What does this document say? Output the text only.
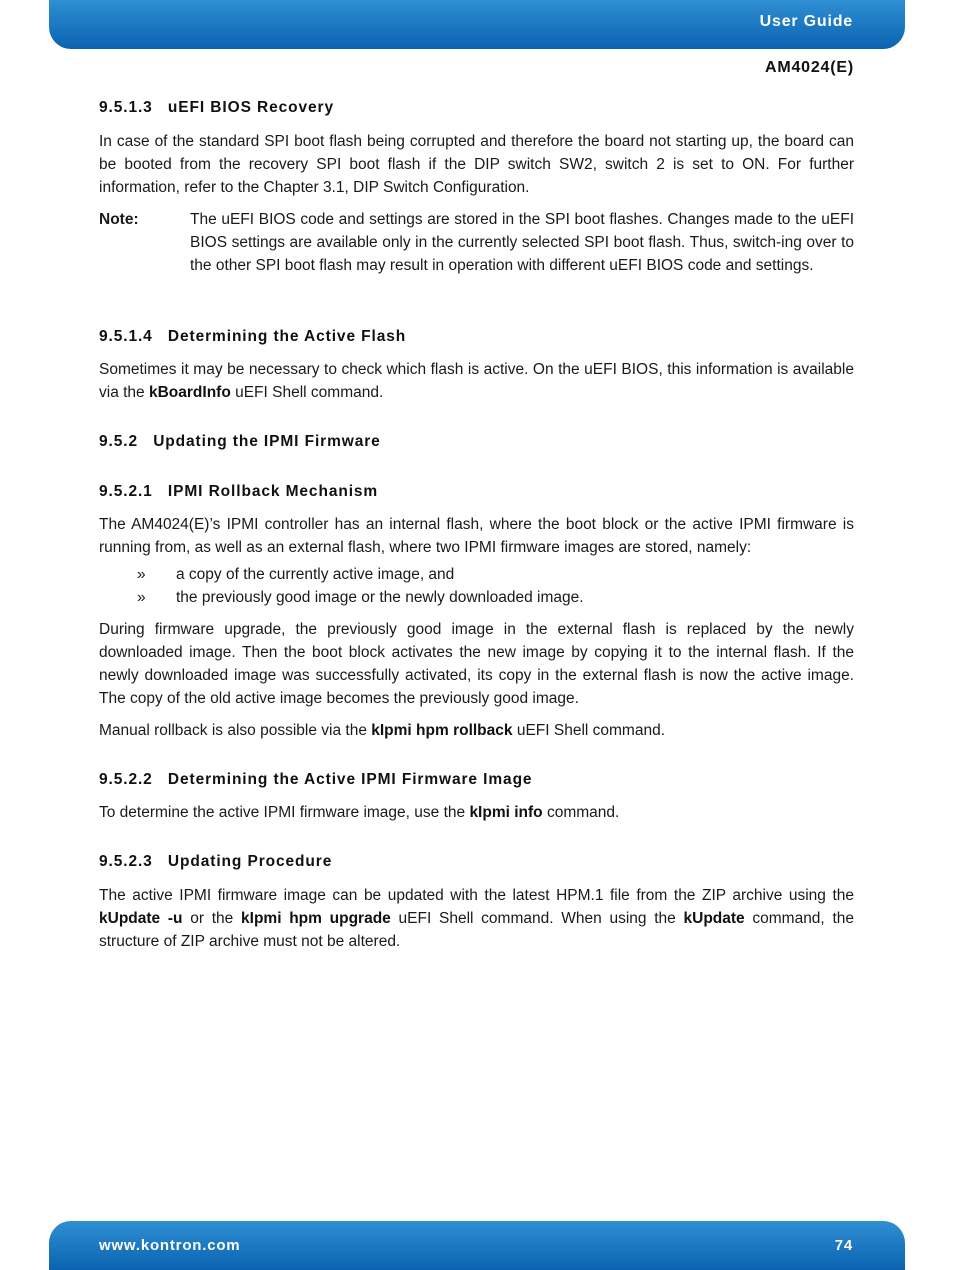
User Guide
AM4024(E)
9.5.1.3 uEFI BIOS Recovery
In case of the standard SPI boot flash being corrupted and therefore the board not starting up, the board can be booted from the recovery SPI boot flash if the DIP switch SW2, switch 2 is set to ON. For further information, refer to the Chapter 3.1, DIP Switch Configuration.
Note:	The uEFI BIOS code and settings are stored in the SPI boot flashes. Changes made to the uEFI BIOS settings are available only in the currently selected SPI boot flash. Thus, switch-ing over to the other SPI boot flash may result in operation with different uEFI BIOS code and settings.
9.5.1.4 Determining the Active Flash
Sometimes it may be necessary to check which flash is active. On the uEFI BIOS, this information is available via the kBoardInfo uEFI Shell command.
9.5.2 Updating the IPMI Firmware
9.5.2.1 IPMI Rollback Mechanism
The AM4024(E)’s IPMI controller has an internal flash, where the boot block or the active IPMI firmware is running from, as well as an external flash, where two IPMI firmware images are stored, namely:
» a copy of the currently active image, and
» the previously good image or the newly downloaded image.
During firmware upgrade, the previously good image in the external flash is replaced by the newly downloaded image. Then the boot block activates the new image by copying it to the internal flash. If the newly downloaded image was successfully activated, its copy in the external flash is now the active image. The copy of the old active image becomes the previously good image.
Manual rollback is also possible via the kIpmi hpm rollback uEFI Shell command.
9.5.2.2 Determining the Active IPMI Firmware Image
To determine the active IPMI firmware image, use the kIpmi info command.
9.5.2.3 Updating Procedure
The active IPMI firmware image can be updated with the latest HPM.1 file from the ZIP archive using the kUpdate -u or the kIpmi hpm upgrade uEFI Shell command. When using the kUpdate command, the structure of ZIP archive must not be altered.
www.kontron.com	74
